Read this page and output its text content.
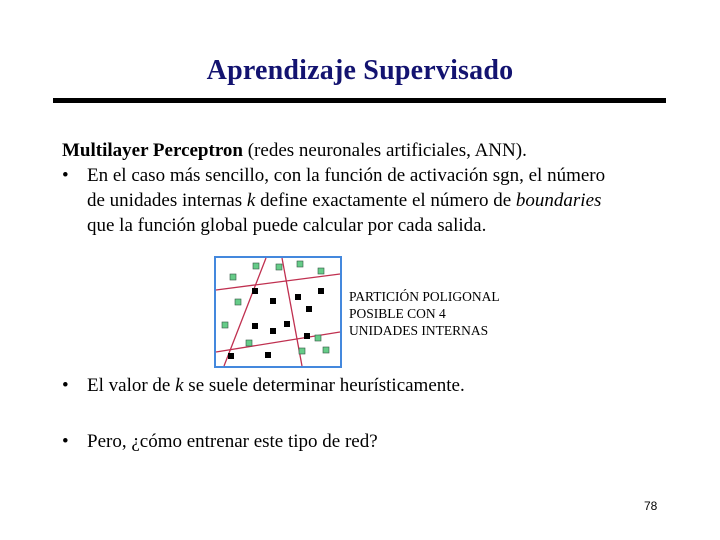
Aprendizaje Supervisado
Multilayer Perceptron (redes neuronales artificiales, ANN).
• En el caso más sencillo, con la función de activación sgn, el número
de unidades internas k define exactamente el número de boundaries
que la función global puede calcular por cada salida.
PARTICIÓN POLIGONAL
POSIBLE CON 4
UNIDADES INTERNAS
• El valor de k se suele determinar heurísticamente.
• Pero, ¿cómo entrenar este tipo de red?
78
